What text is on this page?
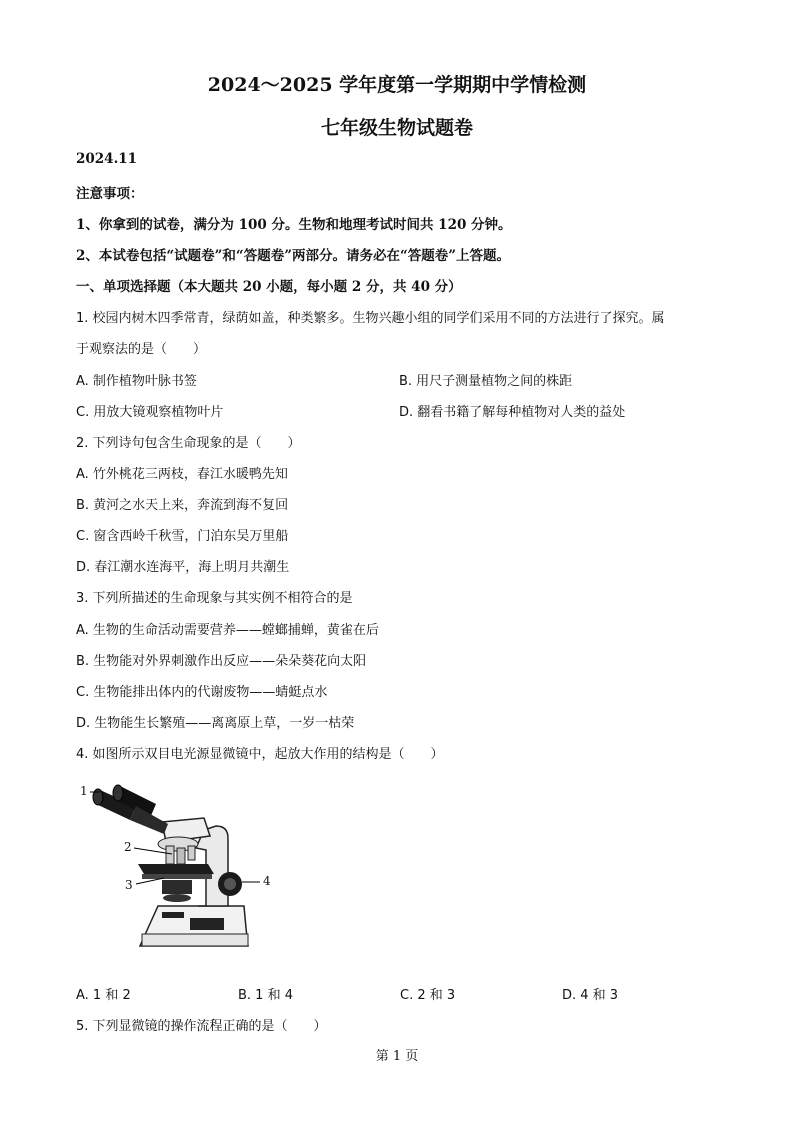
2024～2025 学年度第一学期期中学情检测
七年级生物试题卷
2024.11
注意事项：
1、你拿到的试卷，满分为 100 分。生物和地理考试时间共 120 分钟。
2、本试卷包括“试题卷”和“答题卷”两部分。请务必在“答题卷”上答题。
一、单项选择题（本大题共 20 小题，每小题 2 分，共 40 分）
1. 校园内树木四季常青，绿荫如盖，种类繁多。生物兴趣小组的同学们采用不同的方法进行了探究。属
于观察法的是（　　）
A. 制作植物叶脉书签	B. 用尺子测量植物之间的株距
C. 用放大镜观察植物叶片	D. 翻看书籍了解每种植物对人类的益处
2. 下列诗句包含生命现象的是（　　）
A. 竹外桃花三两枝，春江水暖鸭先知
B. 黄河之水天上来，奔流到海不复回
C. 窗含西岭千秋雪，门泊东吴万里船
D. 春江潮水连海平，海上明月共潮生
3. 下列所描述的生命现象与其实例不相符合的是
A. 生物的生命活动需要营养——螳螂捕蝉，黄雀在后
B. 生物能对外界刺激作出反应——朵朵葵花向太阳
C. 生物能排出体内的代谢废物——蜻蜓点水
D. 生物能生长繁殖——离离原上草，一岁一枯荣
4. 如图所示双目电光源显微镜中，起放大作用的结构是（　　）
1
2
3	4
A. 1 和 2	B. 1 和 4	C. 2 和 3	D. 4 和 3
5. 下列显微镜的操作流程正确的是（　　）
第 1 页
